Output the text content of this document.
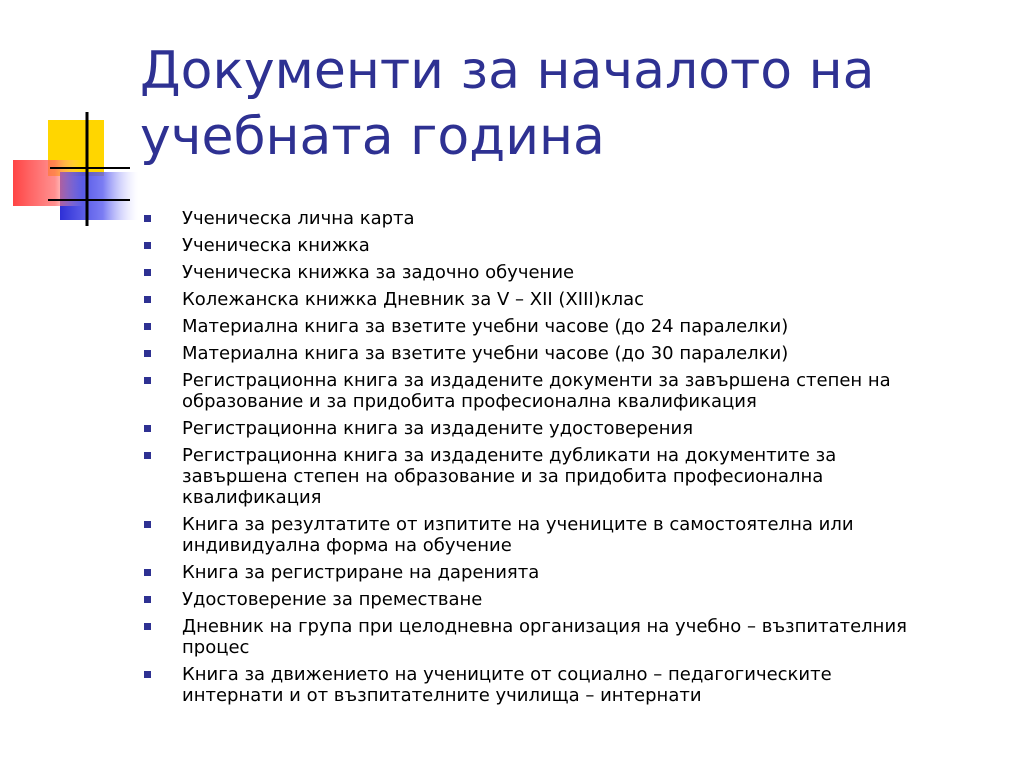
Документи за началото на
учебната година
Ученическа лична карта
Ученическа книжка
Ученическа книжка за задочно обучение
Колежанска книжка Дневник за V – XII (XIII)клас
Материална книга за взетите учебни часове (до 24 паралелки)
Материална книга за взетите учебни часове (до 30 паралелки)
Регистрационна книга за издадените документи за завършена степен на
образование и за придобита професионална квалификация
Регистрационна книга за издадените удостоверения
Регистрационна книга за издадените дубликати на документите за
завършена степен на образование и за придобита професионална
квалификация
Книга за резултатите от изпитите на учениците в самостоятелна или
индивидуална форма на обучение
Книга за регистриране на даренията
Удостоверение за преместване
Дневник на група при целодневна организация на учебно – възпитателния
процес
Книга за движението на учениците от социално – педагогическите
интернати и от възпитателните училища – интернати
